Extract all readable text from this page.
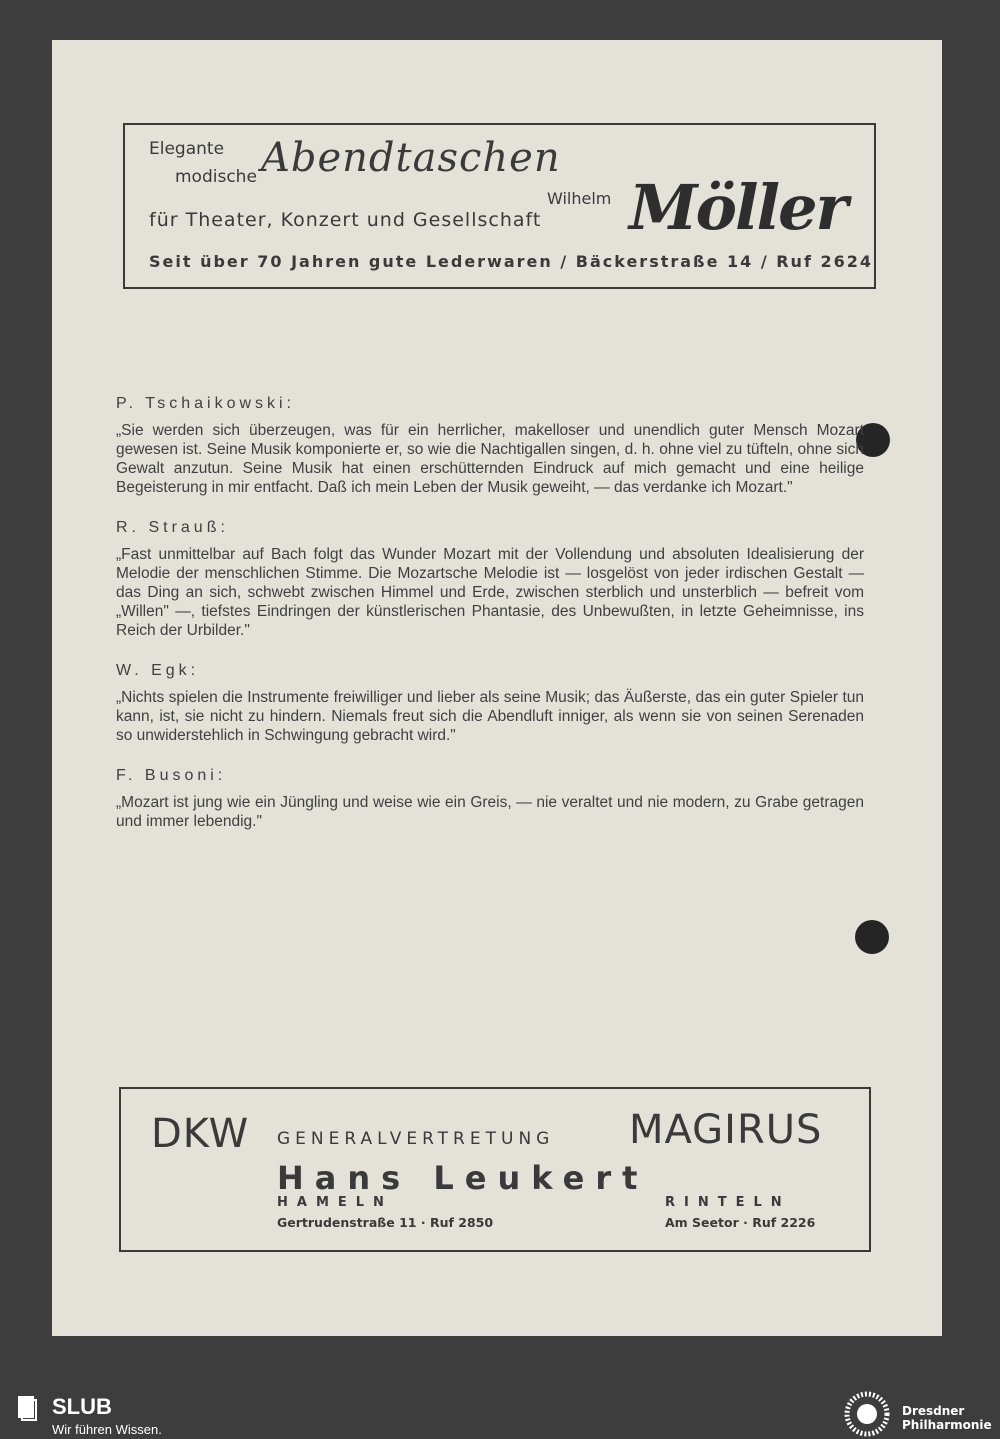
Elegante
modische Abendtaschen
für Theater, Konzert und Gesellschaft
Wilhelm Möller
Seit über 70 Jahren gute Lederwaren / Bäckerstraße 14 / Ruf 2624
P. Tschaikowski:
„Sie werden sich überzeugen, was für ein herrlicher, makelloser und unendlich guter Mensch Mozart gewesen ist. Seine Musik komponierte er, so wie die Nachtigallen singen, d. h. ohne viel zu tüfteln, ohne sich Gewalt anzutun. Seine Musik hat einen erschütternden Eindruck auf mich gemacht und eine heilige Begeisterung in mir entfacht. Daß ich mein Leben der Musik geweiht, — das verdanke ich Mozart."
R. Strauß:
„Fast unmittelbar auf Bach folgt das Wunder Mozart mit der Vollendung und absoluten Idealisierung der Melodie der menschlichen Stimme. Die Mozartsche Melodie ist — losgelöst von jeder irdischen Gestalt — das Ding an sich, schwebt zwischen Himmel und Erde, zwischen sterblich und unsterblich — befreit vom „Willen" —, tiefstes Eindringen der künstlerischen Phantasie, des Unbewußten, in letzte Geheimnisse, ins Reich der Urbilder."
W. Egk:
„Nichts spielen die Instrumente freiwilliger und lieber als seine Musik; das Äußerste, das ein guter Spieler tun kann, ist, sie nicht zu hindern. Niemals freut sich die Abendluft inniger, als wenn sie von seinen Serenaden so unwiderstehlich in Schwingung gebracht wird."
F. Busoni:
„Mozart ist jung wie ein Jüngling und weise wie ein Greis, — nie veraltet und nie modern, zu Grabe getragen und immer lebendig."
DKW GENERALVERTRETUNG MAGIRUS
Hans Leukert
HAMELN	RINTELN
Gertrudenstraße 11 · Ruf 2850	Am Seetor · Ruf 2226
SLUB
Wir führen Wissen.
Dresdner
Philharmonie
